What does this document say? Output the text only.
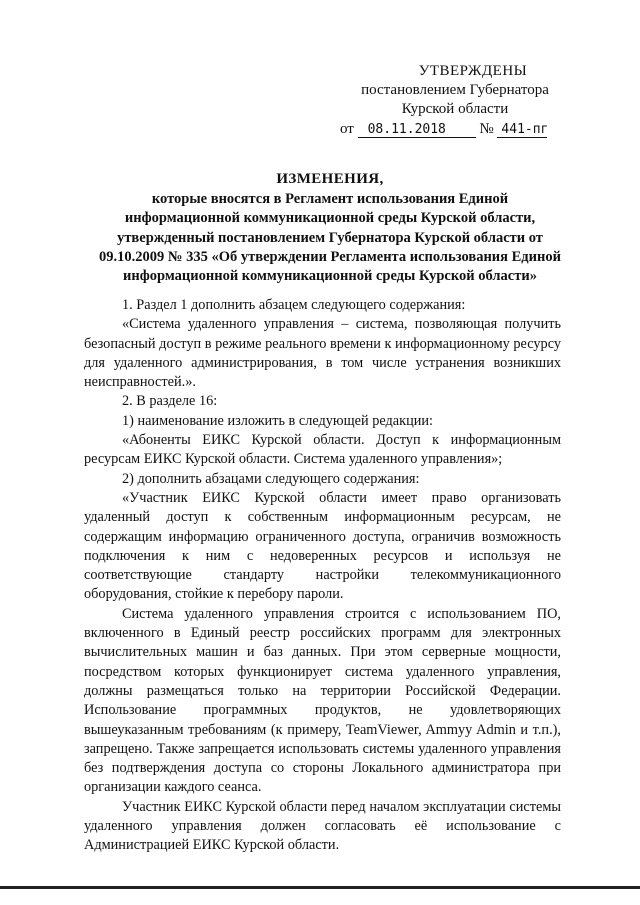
УТВЕРЖДЕНЫ
постановлением Губернатора
Курской области
от 08.11.2018 № 441-пг
ИЗМЕНЕНИЯ,
которые вносятся в Регламент использования Единой
информационной коммуникационной среды Курской области,
утвержденный постановлением Губернатора Курской области от
09.10.2009 № 335 «Об утверждении Регламента использования Единой
информационной коммуникационной среды Курской области»

1. Раздел 1 дополнить абзацем следующего содержания:

«Система удаленного управления – система, позволяющая получить безопасный доступ в режиме реального времени к информационному ресурсу для удаленного администрирования, в том числе устранения возникших неисправностей.».

2. В разделе 16:

1) наименование изложить в следующей редакции:

«Абоненты ЕИКС Курской области. Доступ к информационным ресурсам ЕИКС Курской области. Система удаленного управления»;

2) дополнить абзацами следующего содержания:

«Участник ЕИКС Курской области имеет право организовать удаленный доступ к собственным информационным ресурсам, не содержащим информацию ограниченного доступа, ограничив возможность подключения к ним с недоверенных ресурсов и используя не соответствующие стандарту настройки телекоммуникационного оборудования, стойкие к перебору пароли.

Система удаленного управления строится с использованием ПО, включенного в Единый реестр российских программ для электронных вычислительных машин и баз данных. При этом серверные мощности, посредством которых функционирует система удаленного управления, должны размещаться только на территории Российской Федерации. Использование программных продуктов, не удовлетворяющих вышеуказанным требованиям (к примеру, TeamViewer, Ammyy Admin и т.п.), запрещено. Также запрещается использовать системы удаленного управления без подтверждения доступа со стороны Локального администратора при организации каждого сеанса.

Участник ЕИКС Курской области перед началом эксплуатации системы удаленного управления должен согласовать её использование с Администрацией ЕИКС Курской области.
